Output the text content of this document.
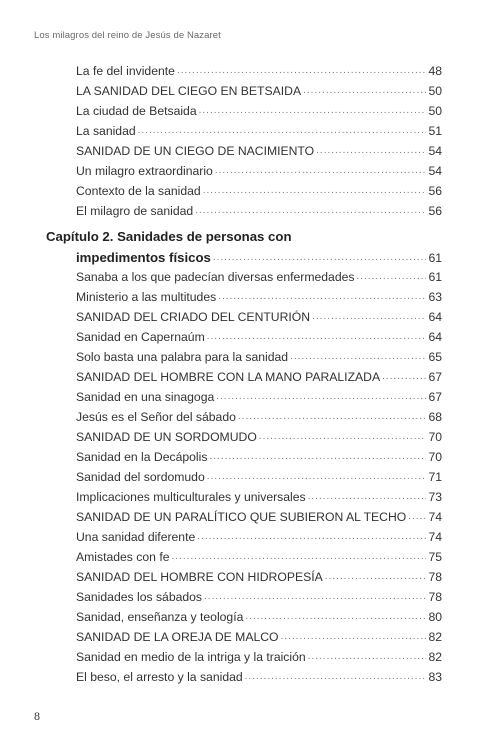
Los milagros del reino de Jesús de Nazaret
La fe del invidente .....	48
LA SANIDAD DEL CIEGO EN BETSAIDA .....	50
La ciudad de Betsaida .....	50
La sanidad .....	51
SANIDAD DE UN CIEGO DE NACIMIENTO .....	54
Un milagro extraordinario .....	54
Contexto de la sanidad .....	56
El milagro de sanidad .....	56
Capítulo 2. Sanidades de personas con
impedimentos físicos .....	61
Sanaba a los que padecían diversas enfermedades .....	61
Ministerio a las multitudes .....	63
SANIDAD DEL CRIADO DEL CENTURIÓN .....	64
Sanidad en Capernaúm .....	64
Solo basta una palabra para la sanidad .....	65
SANIDAD DEL HOMBRE CON LA MANO PARALIZADA .....	67
Sanidad en una sinagoga .....	67
Jesús es el Señor del sábado .....	68
SANIDAD DE UN SORDOMUDO .....	70
Sanidad en la Decápolis .....	70
Sanidad del sordomudo .....	71
Implicaciones multiculturales y universales .....	73
SANIDAD DE UN PARALÍTICO QUE SUBIERON AL TECHO ..... 74
Una sanidad diferente .....	74
Amistades con fe .....	75
SANIDAD DEL HOMBRE CON HIDROPESÍA .....	78
Sanidades los sábados .....	78
Sanidad, enseñanza y teología .....	80
SANIDAD DE LA OREJA DE MALCO .....	82
Sanidad en medio de la intriga y la traición .....	82
El beso, el arresto y la sanidad .....	83
8
